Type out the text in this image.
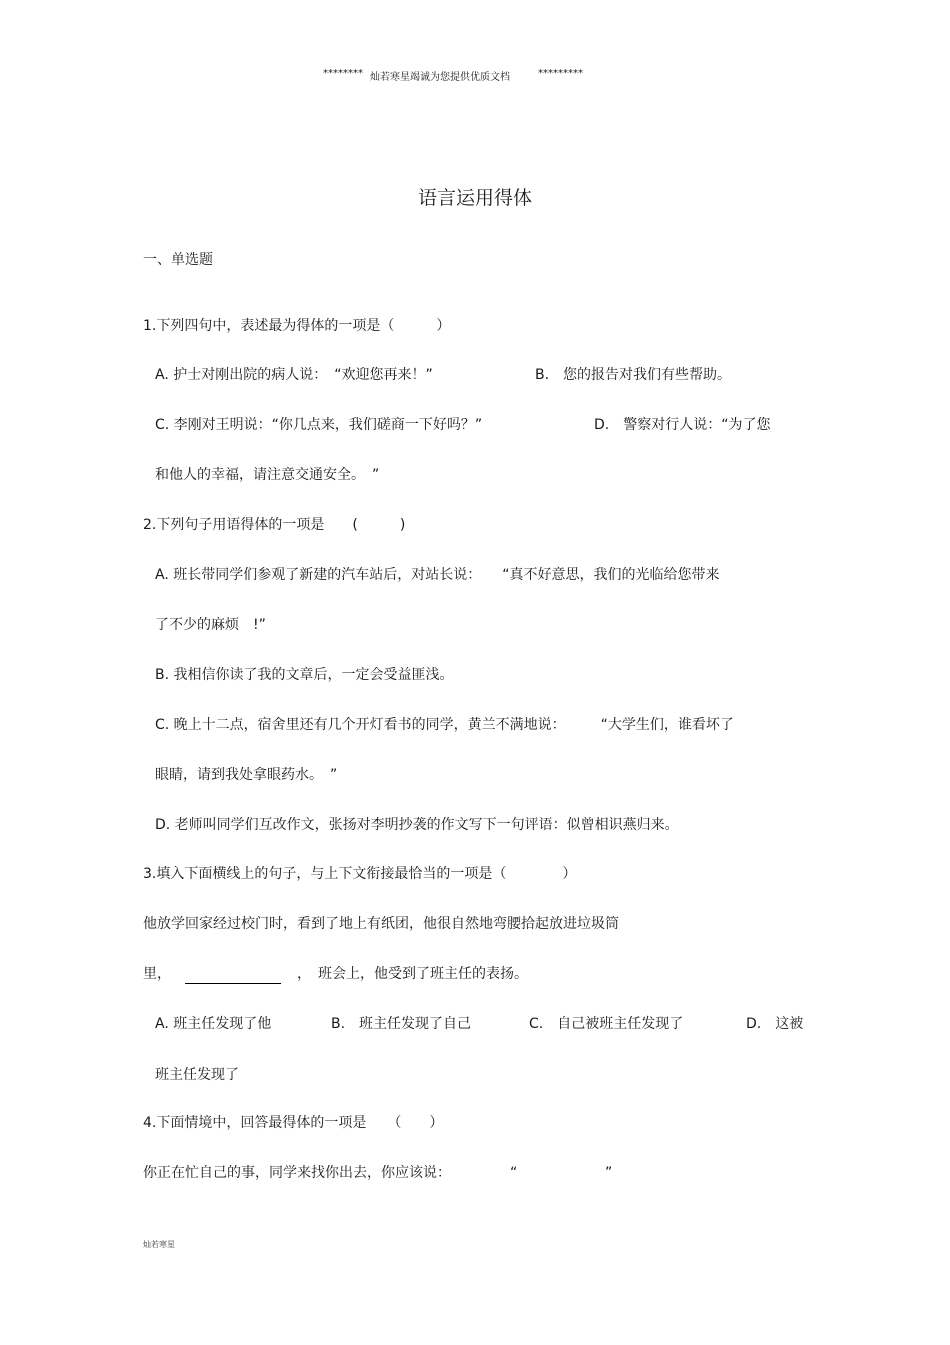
******** 灿若寒星竭诚为您提供优质文档	*********
语言运用得体
一、单选题
1.下列四句中，表述最为得体的一项是（　　　）
A. 护士对刚出院的病人说：　“欢迎您再来！”	B.　您的报告对我们有些帮助。
C. 李刚对王明说：“你几点来，我们磋商一下好吗？”	D.　警察对行人说：“为了您
和他人的幸福，请注意交通安全。　”
2.下列句子用语得体的一项是　　(　　　)
A. 班长带同学们参观了新建的汽车站后，对站长说：　　“真不好意思，我们的光临给您带来
了不少的麻烦　!”
B. 我相信你读了我的文章后，一定会受益匪浅。
C. 晚上十二点，宿舍里还有几个开灯看书的同学，黄兰不满地说：　　　“大学生们，谁看坏了
眼睛，请到我处拿眼药水。　”
D. 老师叫同学们互改作文，张扬对李明抄袭的作文写下一句评语：似曾相识燕归来。
3.填入下面横线上的句子，与上下文衔接最恰当的一项是（　　　　）
他放学回家经过校门时，看到了地上有纸团，他很自然地弯腰拾起放进垃圾筒
里，	，　班会上，他受到了班主任的表扬。
A. 班主任发现了他	B.　班主任发现了自己	C.　自己被班主任发现了	D.　这被
班主任发现了
4.下面情境中，回答最得体的一项是　　（　　）
你正在忙自己的事，同学来找你出去，你应该说：	“	”
灿若寒星
